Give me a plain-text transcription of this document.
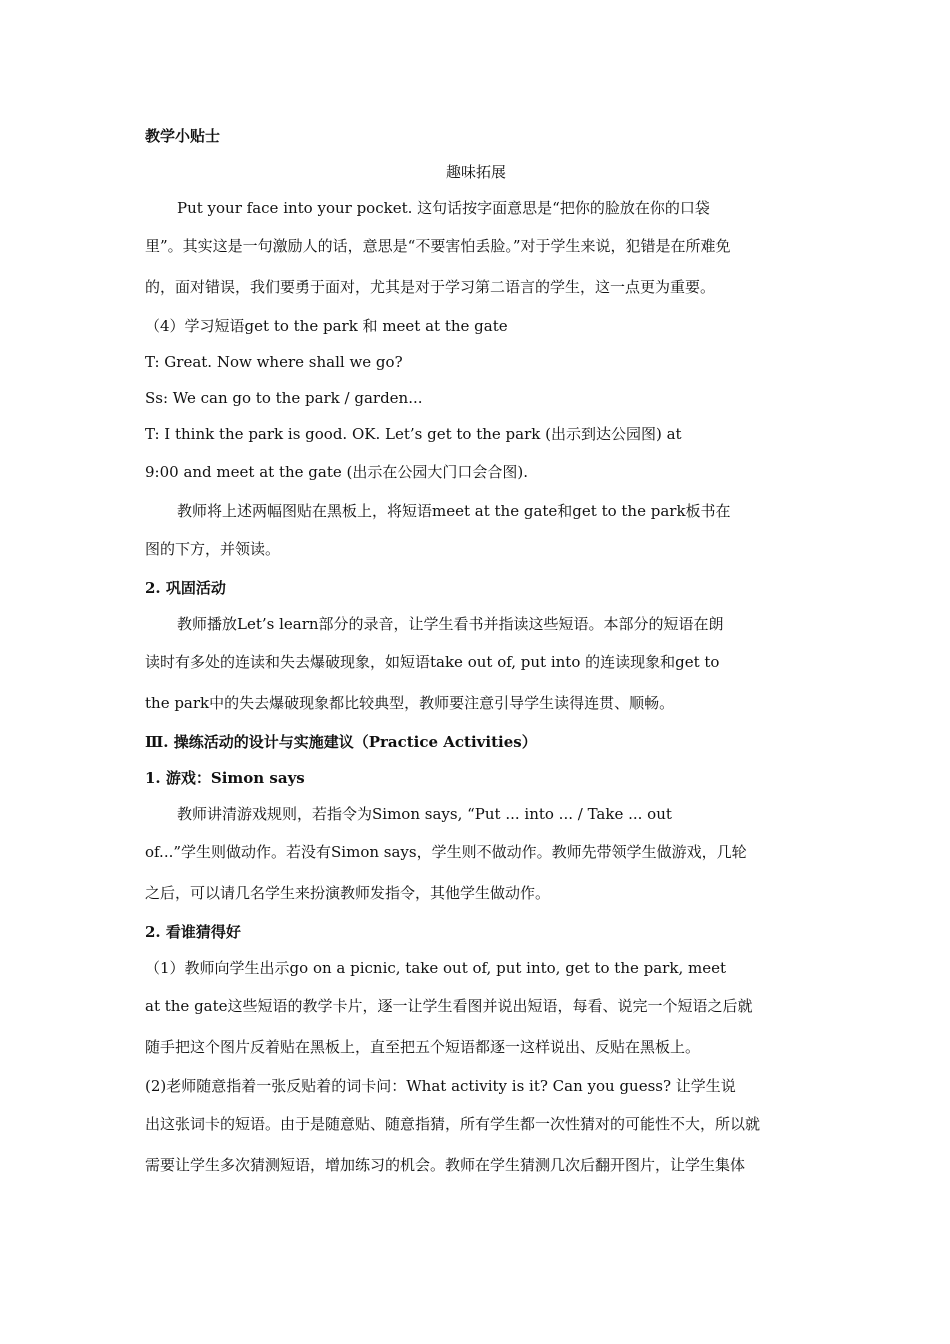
教学小贴士
趣味拓展
Put your face into your pocket. 这句话按字面意思是“把你的脸放在你的口袋
里”。其实这是一句激励人的话，意思是“不要害怕丢脸。”对于学生来说，犯错是在所难免
的，面对错误，我们要勇于面对，尤其是对于学习第二语言的学生，这一点更为重要。
（4）学习短语get to the park 和 meet at the gate
T: Great. Now where shall we go?
Ss: We can go to the park / garden...
T: I think the park is good. OK. Let’s get to the park (出示到达公园图) at
9:00 and meet at the gate (出示在公园大门口会合图).
教师将上述两幅图贴在黑板上，将短语meet at the gate和get to the park板书在
图的下方，并领读。
2. 巩固活动
教师播放Let’s learn部分的录音，让学生看书并指读这些短语。本部分的短语在朗
读时有多处的连读和失去爆破现象，如短语take out of, put into 的连读现象和get to
the park中的失去爆破现象都比较典型，教师要注意引导学生读得连贯、顺畅。
Ⅲ. 操练活动的设计与实施建议（Practice Activities）
1. 游戏：Simon says
教师讲清游戏规则，若指令为Simon says, “Put ... into ... / Take ... out
of...”学生则做动作。若没有Simon says，学生则不做动作。教师先带领学生做游戏，几轮
之后，可以请几名学生来扮演教师发指令，其他学生做动作。
2. 看谁猜得好
（1）教师向学生出示go on a picnic, take out of, put into, get to the park, meet
at the gate这些短语的教学卡片，逐一让学生看图并说出短语，每看、说完一个短语之后就
随手把这个图片反着贴在黑板上，直至把五个短语都逐一这样说出、反贴在黑板上。
(2)老师随意指着一张反贴着的词卡问：What activity is it? Can you guess? 让学生说
出这张词卡的短语。由于是随意贴、随意指猜，所有学生都一次性猜对的可能性不大，所以就
需要让学生多次猜测短语，增加练习的机会。教师在学生猜测几次后翻开图片，让学生集体
